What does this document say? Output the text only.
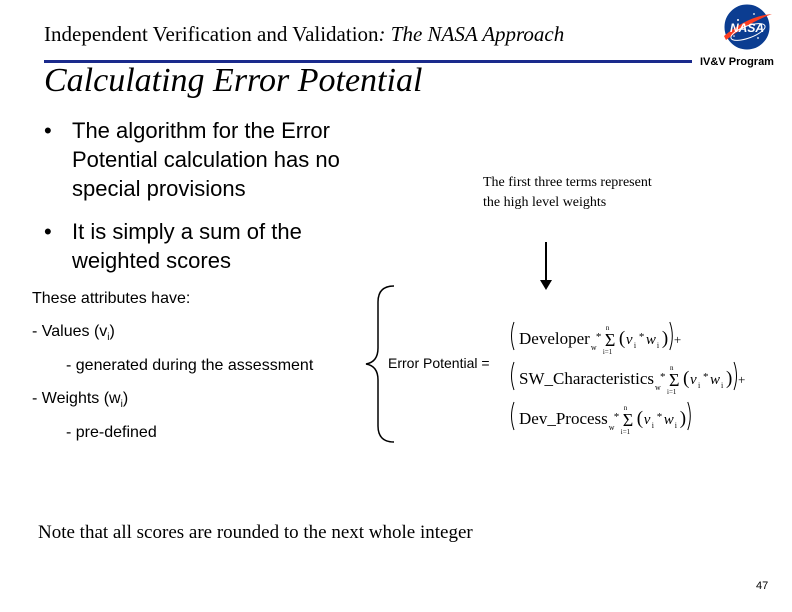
Independent Verification and Validation: The NASA Approach
Calculating Error Potential	IV&V Program
NASA
• The algorithm for the Error Potential calculation has no special provisions
• It is simply a sum of the weighted scores
The first three terms represent the high level weights
These attributes have:
- Values $(v_i)$
- generated during the assessment
- Weights $(w_i)$
- pre-defined
Error Potential =
Developer w
*
n
Σ
i=1
( v i
* w i ) +
SW_Characteristics w
*
n
Σ
i=1
( v i
* w i ) +
Dev_Process w
*
n
Σ
i=1
( v i
* w i )
Note that all scores are rounded to the next whole integer
47
